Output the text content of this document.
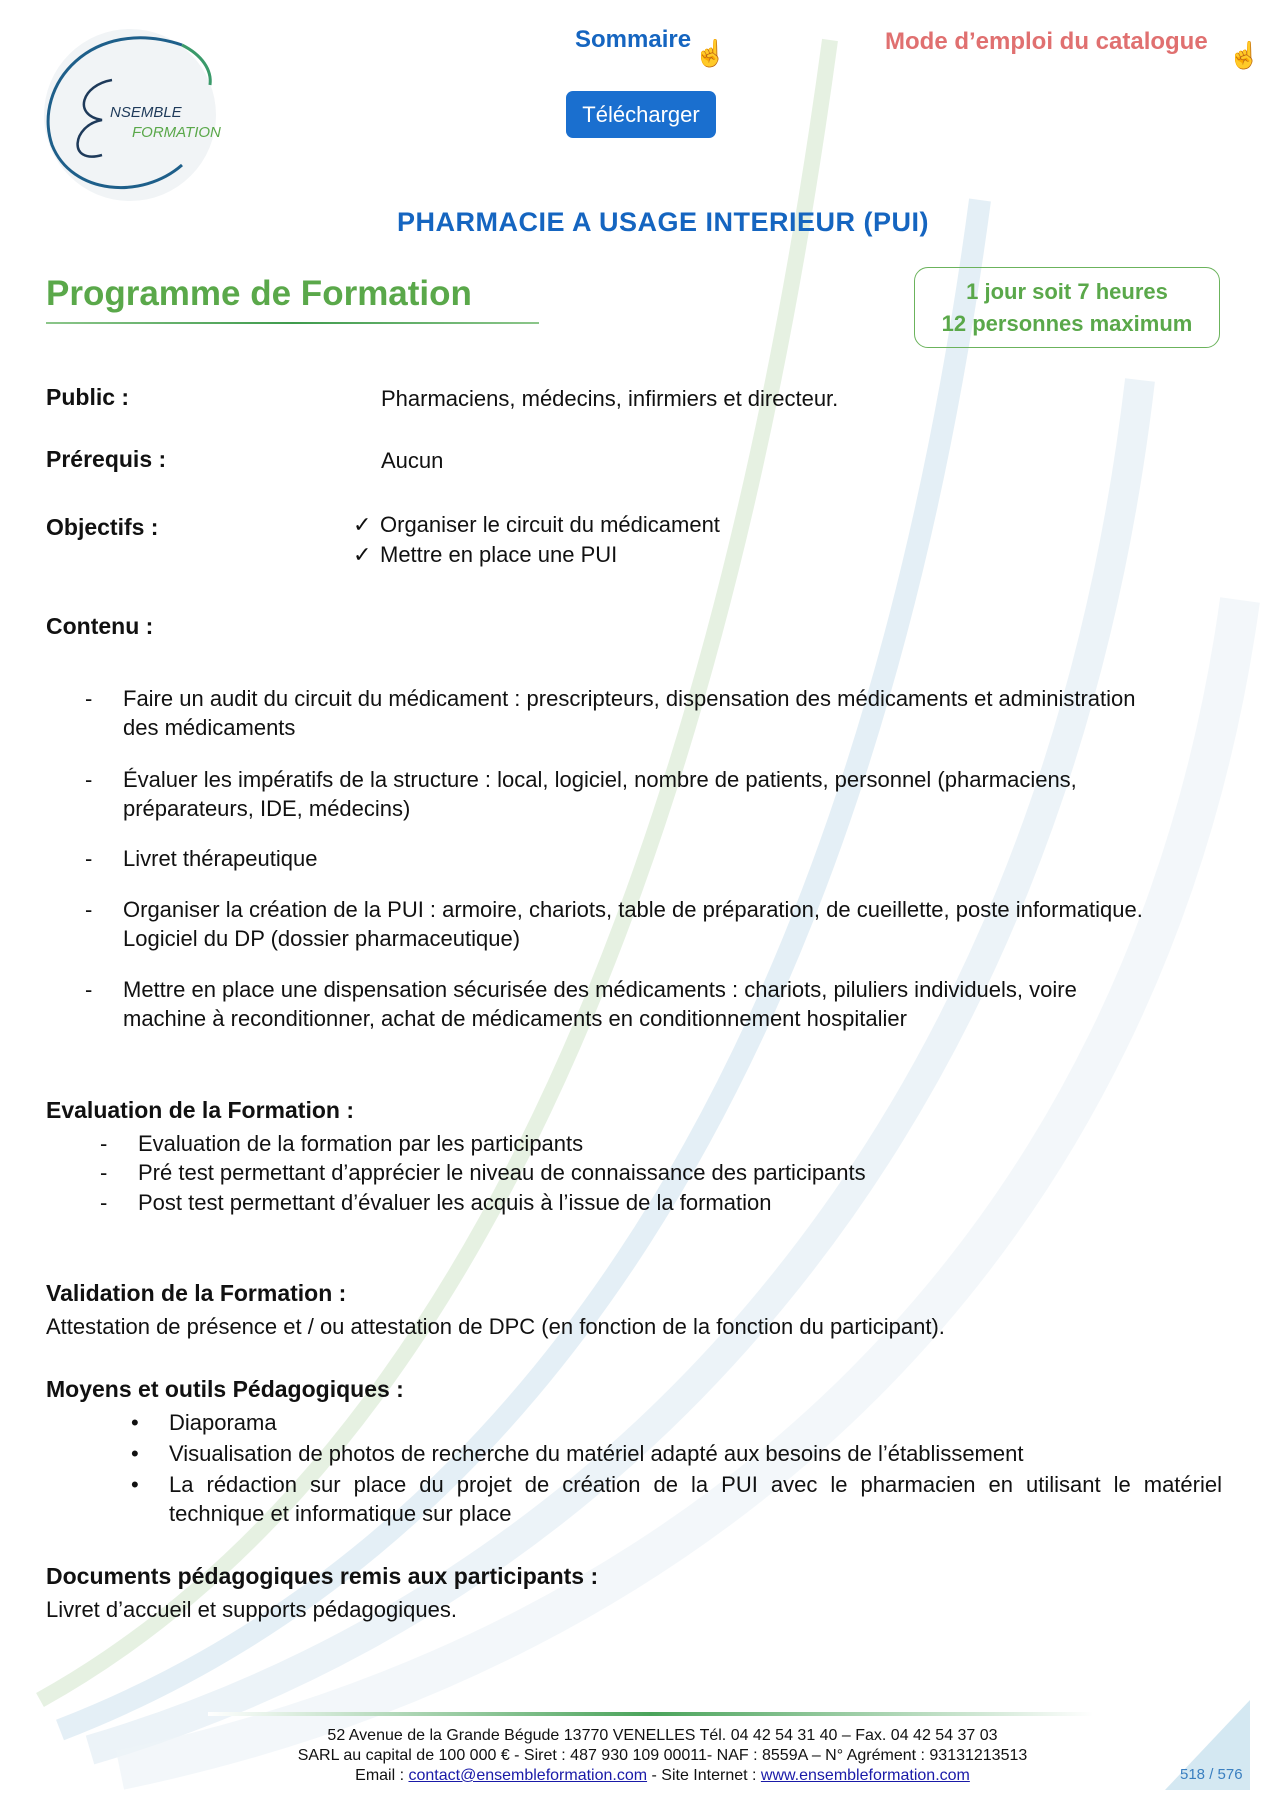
NSEMBLE
FORMATION
Sommaire ☝	Mode d’emploi du catalogue ☝
Télécharger
PHARMACIE A USAGE INTERIEUR (PUI)
Programme de Formation	1 jour soit 7 heures
12 personnes maximum
Public :	Pharmaciens, médecins, infirmiers et directeur.
Prérequis :	Aucun
Objectifs :	✓ Organiser le circuit du médicament
✓ Mettre en place une PUI
Contenu :
- Faire un audit du circuit du médicament : prescripteurs, dispensation des médicaments et administration
des médicaments
- Évaluer les impératifs de la structure : local, logiciel, nombre de patients, personnel (pharmaciens,
préparateurs, IDE, médecins)
- Livret thérapeutique
- Organiser la création de la PUI : armoire, chariots, table de préparation, de cueillette, poste informatique.
Logiciel du DP (dossier pharmaceutique)
- Mettre en place une dispensation sécurisée des médicaments : chariots, piluliers individuels, voire
machine à reconditionner, achat de médicaments en conditionnement hospitalier
Evaluation de la Formation :
- Evaluation de la formation par les participants
- Pré test permettant d’apprécier le niveau de connaissance des participants
- Post test permettant d’évaluer les acquis à l’issue de la formation
Validation de la Formation :
Attestation de présence et / ou attestation de DPC (en fonction de la fonction du participant).
Moyens et outils Pédagogiques :
• Diaporama
• Visualisation de photos de recherche du matériel adapté aux besoins de l’établissement
• La rédaction sur place du projet de création de la PUI avec le pharmacien en utilisant le matériel
technique et informatique sur place
Documents pédagogiques remis aux participants :
Livret d’accueil et supports pédagogiques.
52 Avenue de la Grande Bégude 13770 VENELLES Tél. 04 42 54 31 40 – Fax. 04 42 54 37 03
SARL au capital de 100 000 € - Siret : 487 930 109 00011- NAF : 8559A – N° Agrément : 93131213513
Email : contact@ensembleformation.com - Site Internet : www.ensembleformation.com	518 / 576
